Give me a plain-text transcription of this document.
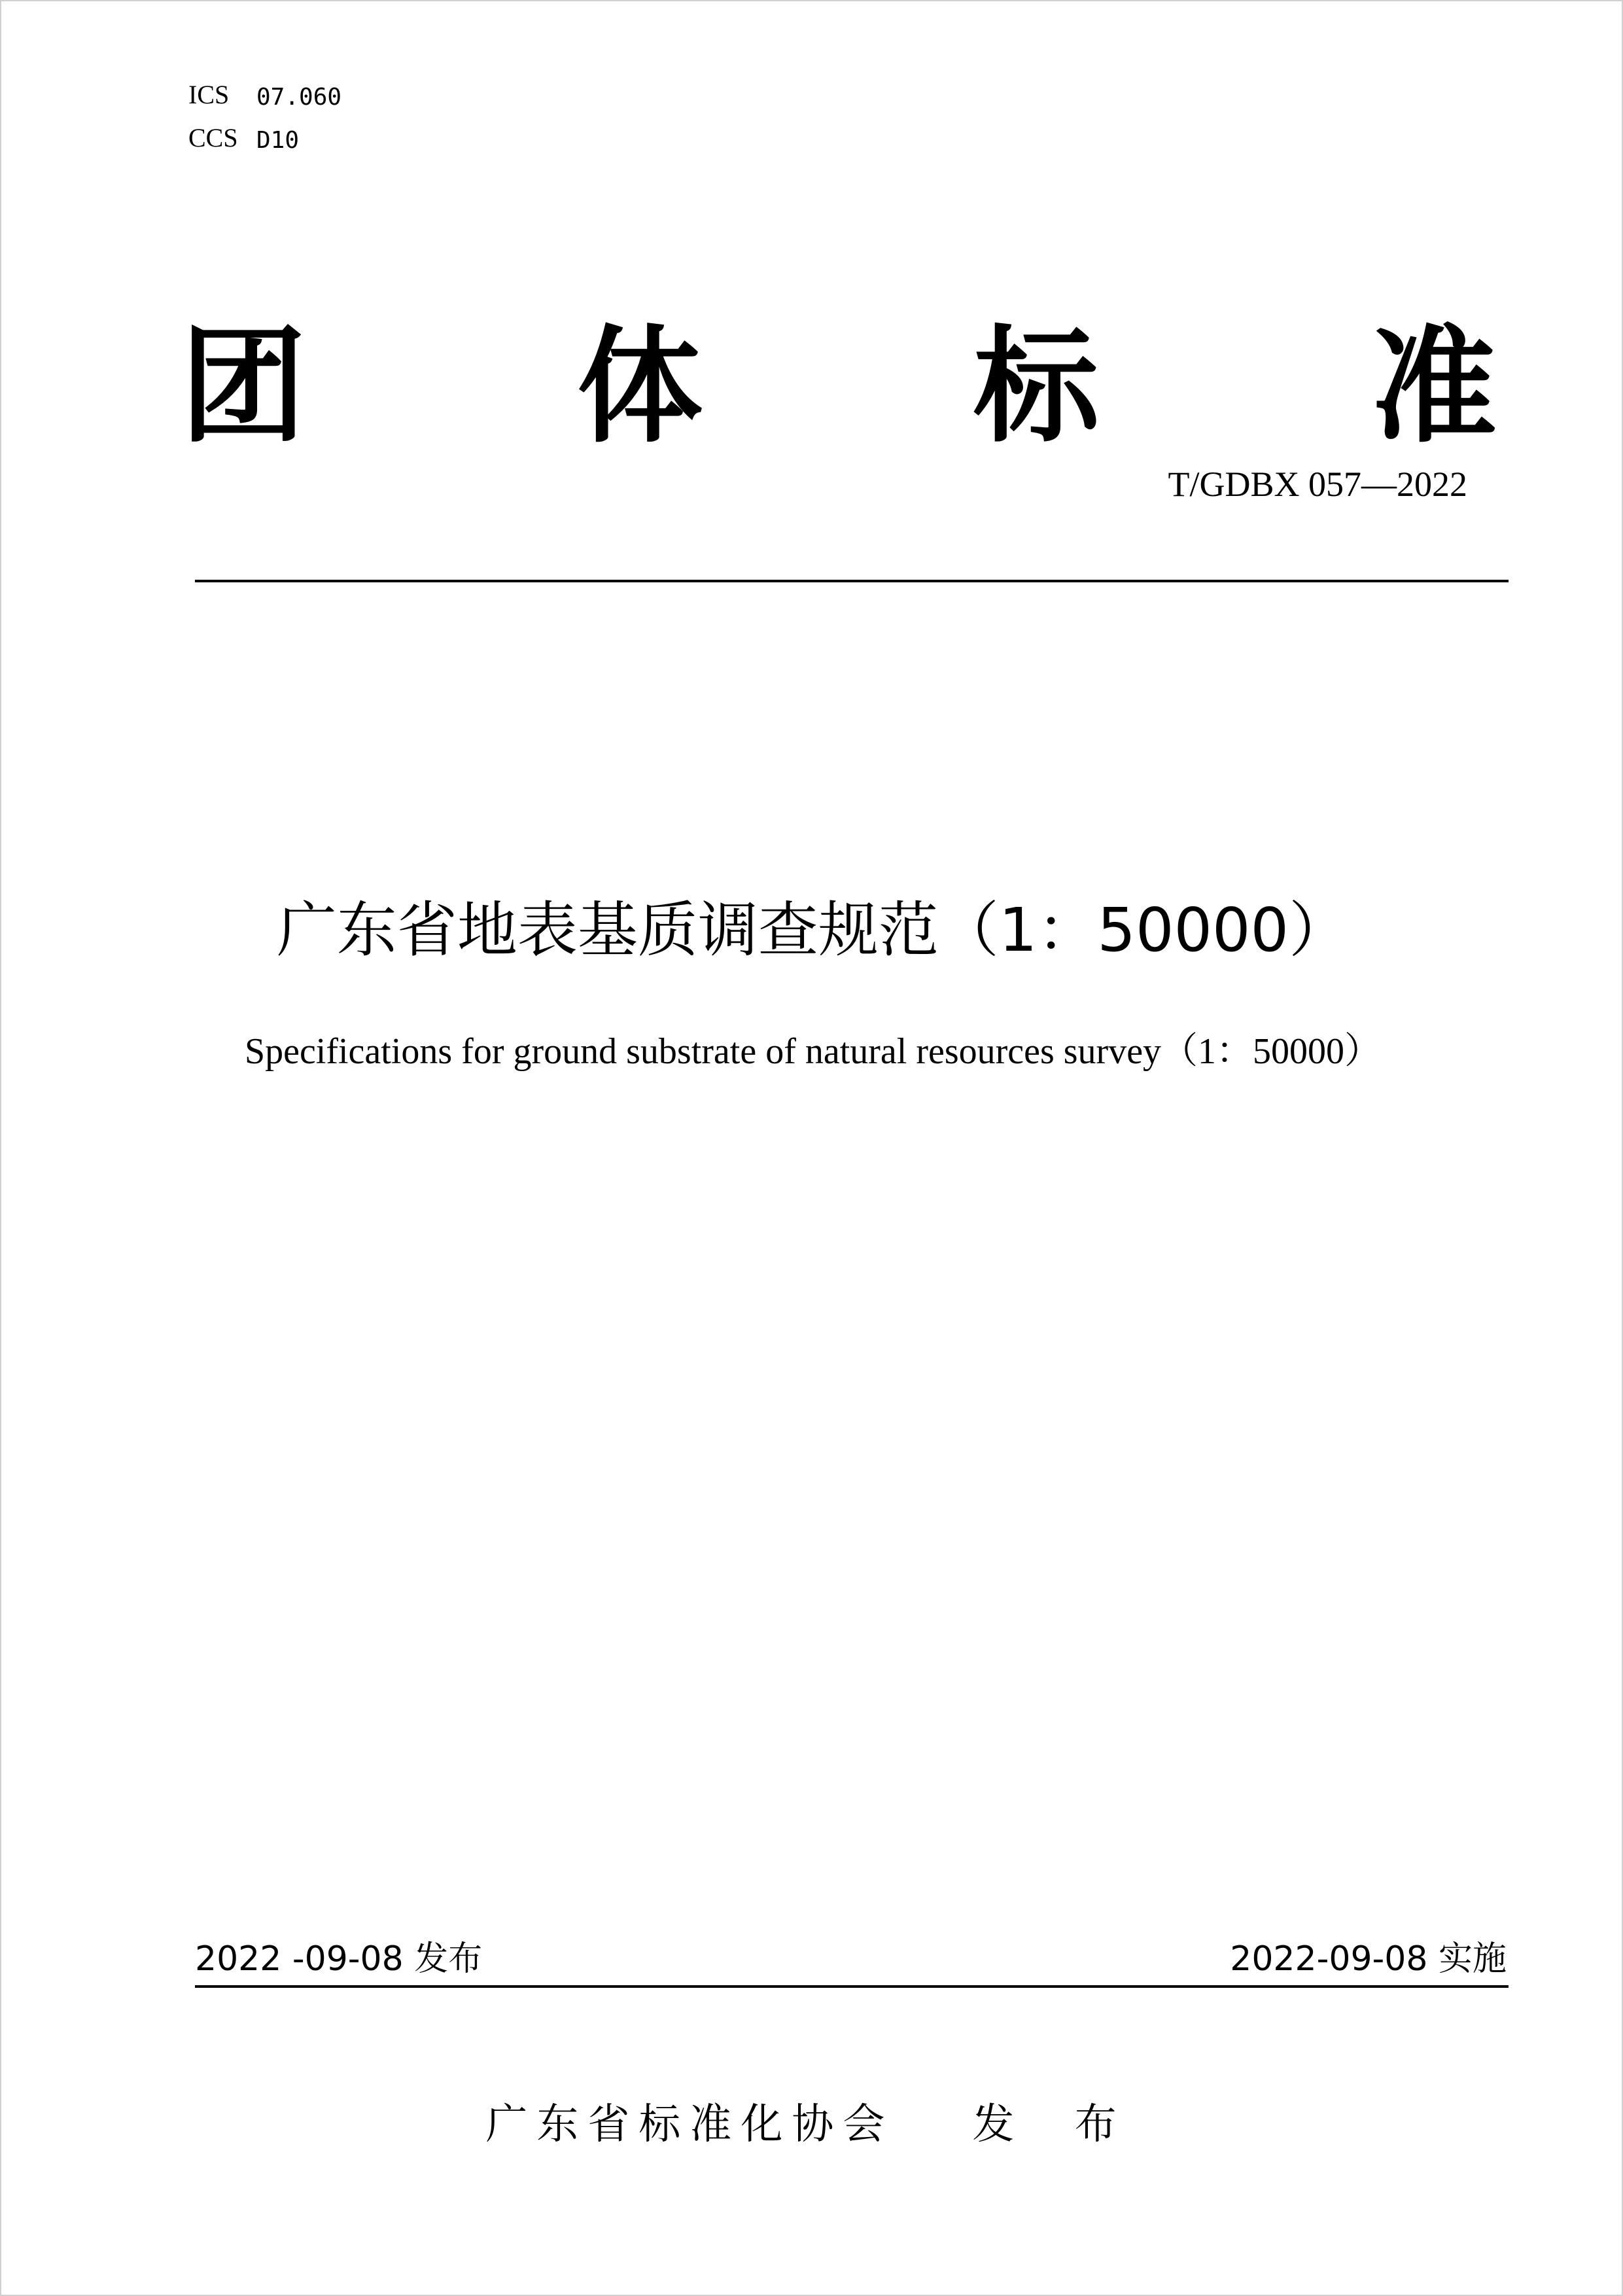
ICS 07.060
CCS D10
团 体 标 准
T/GDBX 057—2022
广东省地表基质调查规范（1：50000）
Specifications for ground substrate of natural resources survey（1：50000）
2022 -09-08 发布	2022-09-08 实施
广东省标准化协会 发 布
